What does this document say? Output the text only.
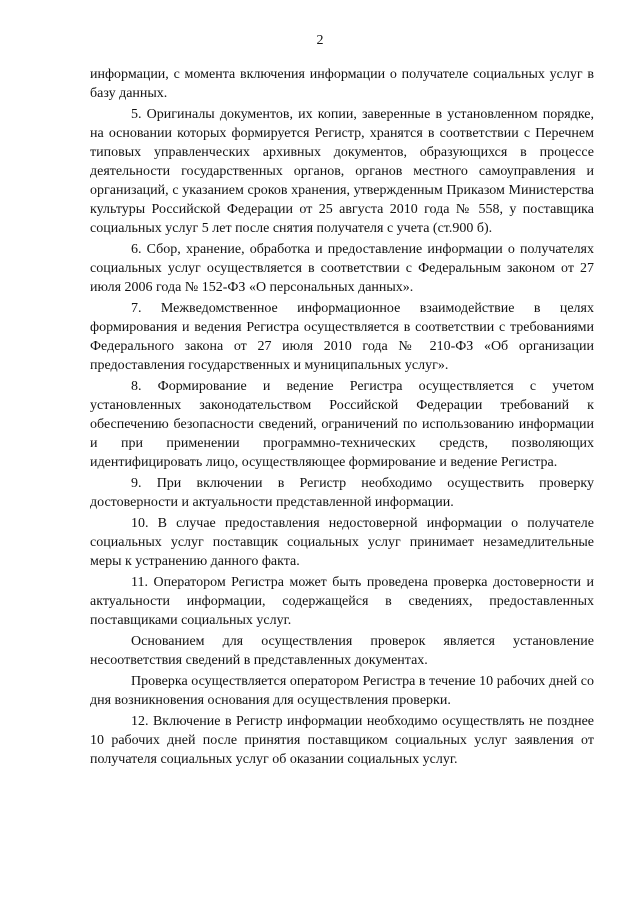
2

информации, с момента включения информации о получателе социальных услуг в базу данных.

5. Оригиналы документов, их копии, заверенные в установленном порядке, на основании которых формируется Регистр, хранятся в соответствии с Перечнем типовых управленческих архивных документов, образующихся в процессе деятельности государственных органов, органов местного самоуправления и организаций, с указанием сроков хранения, утвержденным Приказом Министерства культуры Российской Федерации от 25 августа 2010 года № 558, у поставщика социальных услуг 5 лет после снятия получателя с учета (ст.900 б).

6. Сбор, хранение, обработка и предоставление информации о получателях социальных услуг осуществляется в соответствии с Федеральным законом от 27 июля 2006 года № 152-ФЗ «О персональных данных».

7. Межведомственное информационное взаимодействие в целях формирования и ведения Регистра осуществляется в соответствии с требованиями Федерального закона от 27 июля 2010 года № 210-ФЗ «Об организации предоставления государственных и муниципальных услуг».

8. Формирование и ведение Регистра осуществляется с учетом установленных законодательством Российской Федерации требований к обеспечению безопасности сведений, ограничений по использованию информации и при применении программно-технических средств, позволяющих идентифицировать лицо, осуществляющее формирование и ведение Регистра.

9. При включении в Регистр необходимо осуществить проверку достоверности и актуальности представленной информации.

10. В случае предоставления недостоверной информации о получателе социальных услуг поставщик социальных услуг принимает незамедлительные меры к устранению данного факта.

11. Оператором Регистра может быть проведена проверка достоверности и актуальности информации, содержащейся в сведениях, предоставленных поставщиками социальных услуг.

Основанием для осуществления проверок является установление несоответствия сведений в представленных документах.

Проверка осуществляется оператором Регистра в течение 10 рабочих дней со дня возникновения основания для осуществления проверки.

12. Включение в Регистр информации необходимо осуществлять не позднее 10 рабочих дней после принятия поставщиком социальных услуг заявления от получателя социальных услуг об оказании социальных услуг.
